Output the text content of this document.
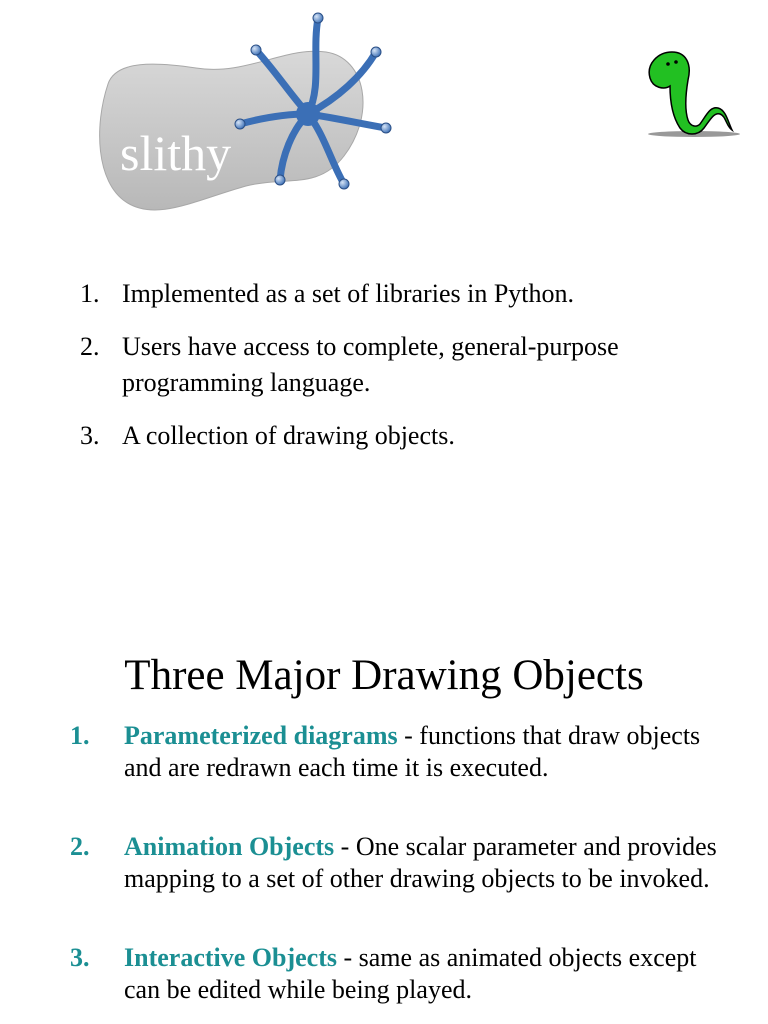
slithy
1. Implemented as a set of libraries in Python.
2. Users have access to complete, general-purpose programming language.
3. A collection of drawing objects.
Three Major Drawing Objects
1.	Parameterized diagrams - functions that draw objects and are redrawn each time it is executed.
2.	Animation Objects - One scalar parameter and provides mapping to a set of other drawing objects to be invoked.
3.	Interactive Objects - same as animated objects except can be edited while being played.
